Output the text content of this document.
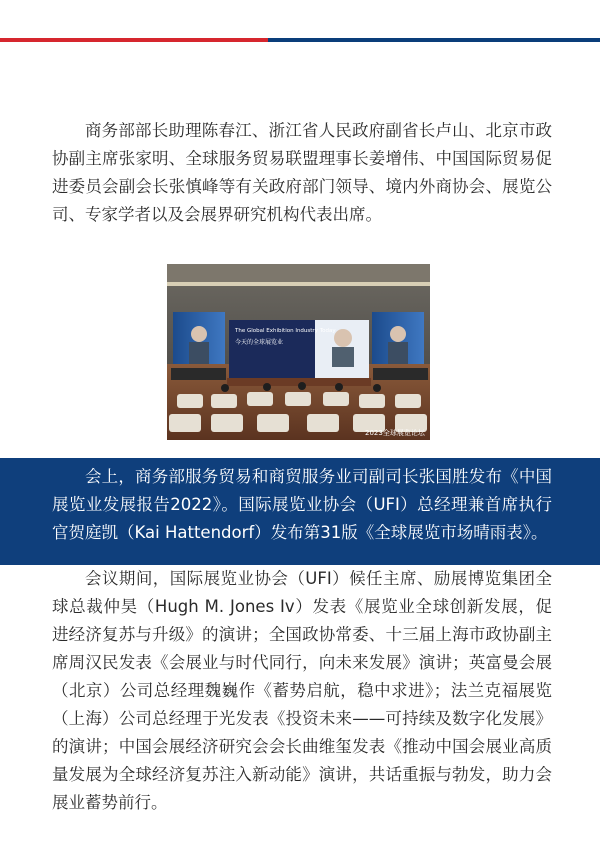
商务部部长助理陈春江、浙江省人民政府副省长卢山、北京市政协副主席张家明、全球服务贸易联盟理事长姜增伟、中国国际贸易促进委员会副会长张慎峰等有关政府部门领导、境内外商协会、展览公司、专家学者以及会展界研究机构代表出席。

The Global Exhibition Industry Today
今天的全球展览业
2023全球展览论坛

会上，商务部服务贸易和商贸服务业司副司长张国胜发布《中国展览业发展报告2022》。国际展览业协会（UFI）总经理兼首席执行官贺庭凯（Kai Hattendorf）发布第31版《全球展览市场晴雨表》。

会议期间，国际展览业协会（UFI）候任主席、励展博览集团全球总裁仲昊（Hugh M. Jones Iv）发表《展览业全球创新发展，促进经济复苏与升级》的演讲；全国政协常委、十三届上海市政协副主席周汉民发表《会展业与时代同行，向未来发展》演讲；英富曼会展（北京）公司总经理魏巍作《蓄势启航，稳中求进》；法兰克福展览（上海）公司总经理于光发表《投资未来——可持续及数字化发展》的演讲；中国会展经济研究会会长曲维玺发表《推动中国会展业高质量发展为全球经济复苏注入新动能》演讲，共话重振与勃发，助力会展业蓄势前行。
